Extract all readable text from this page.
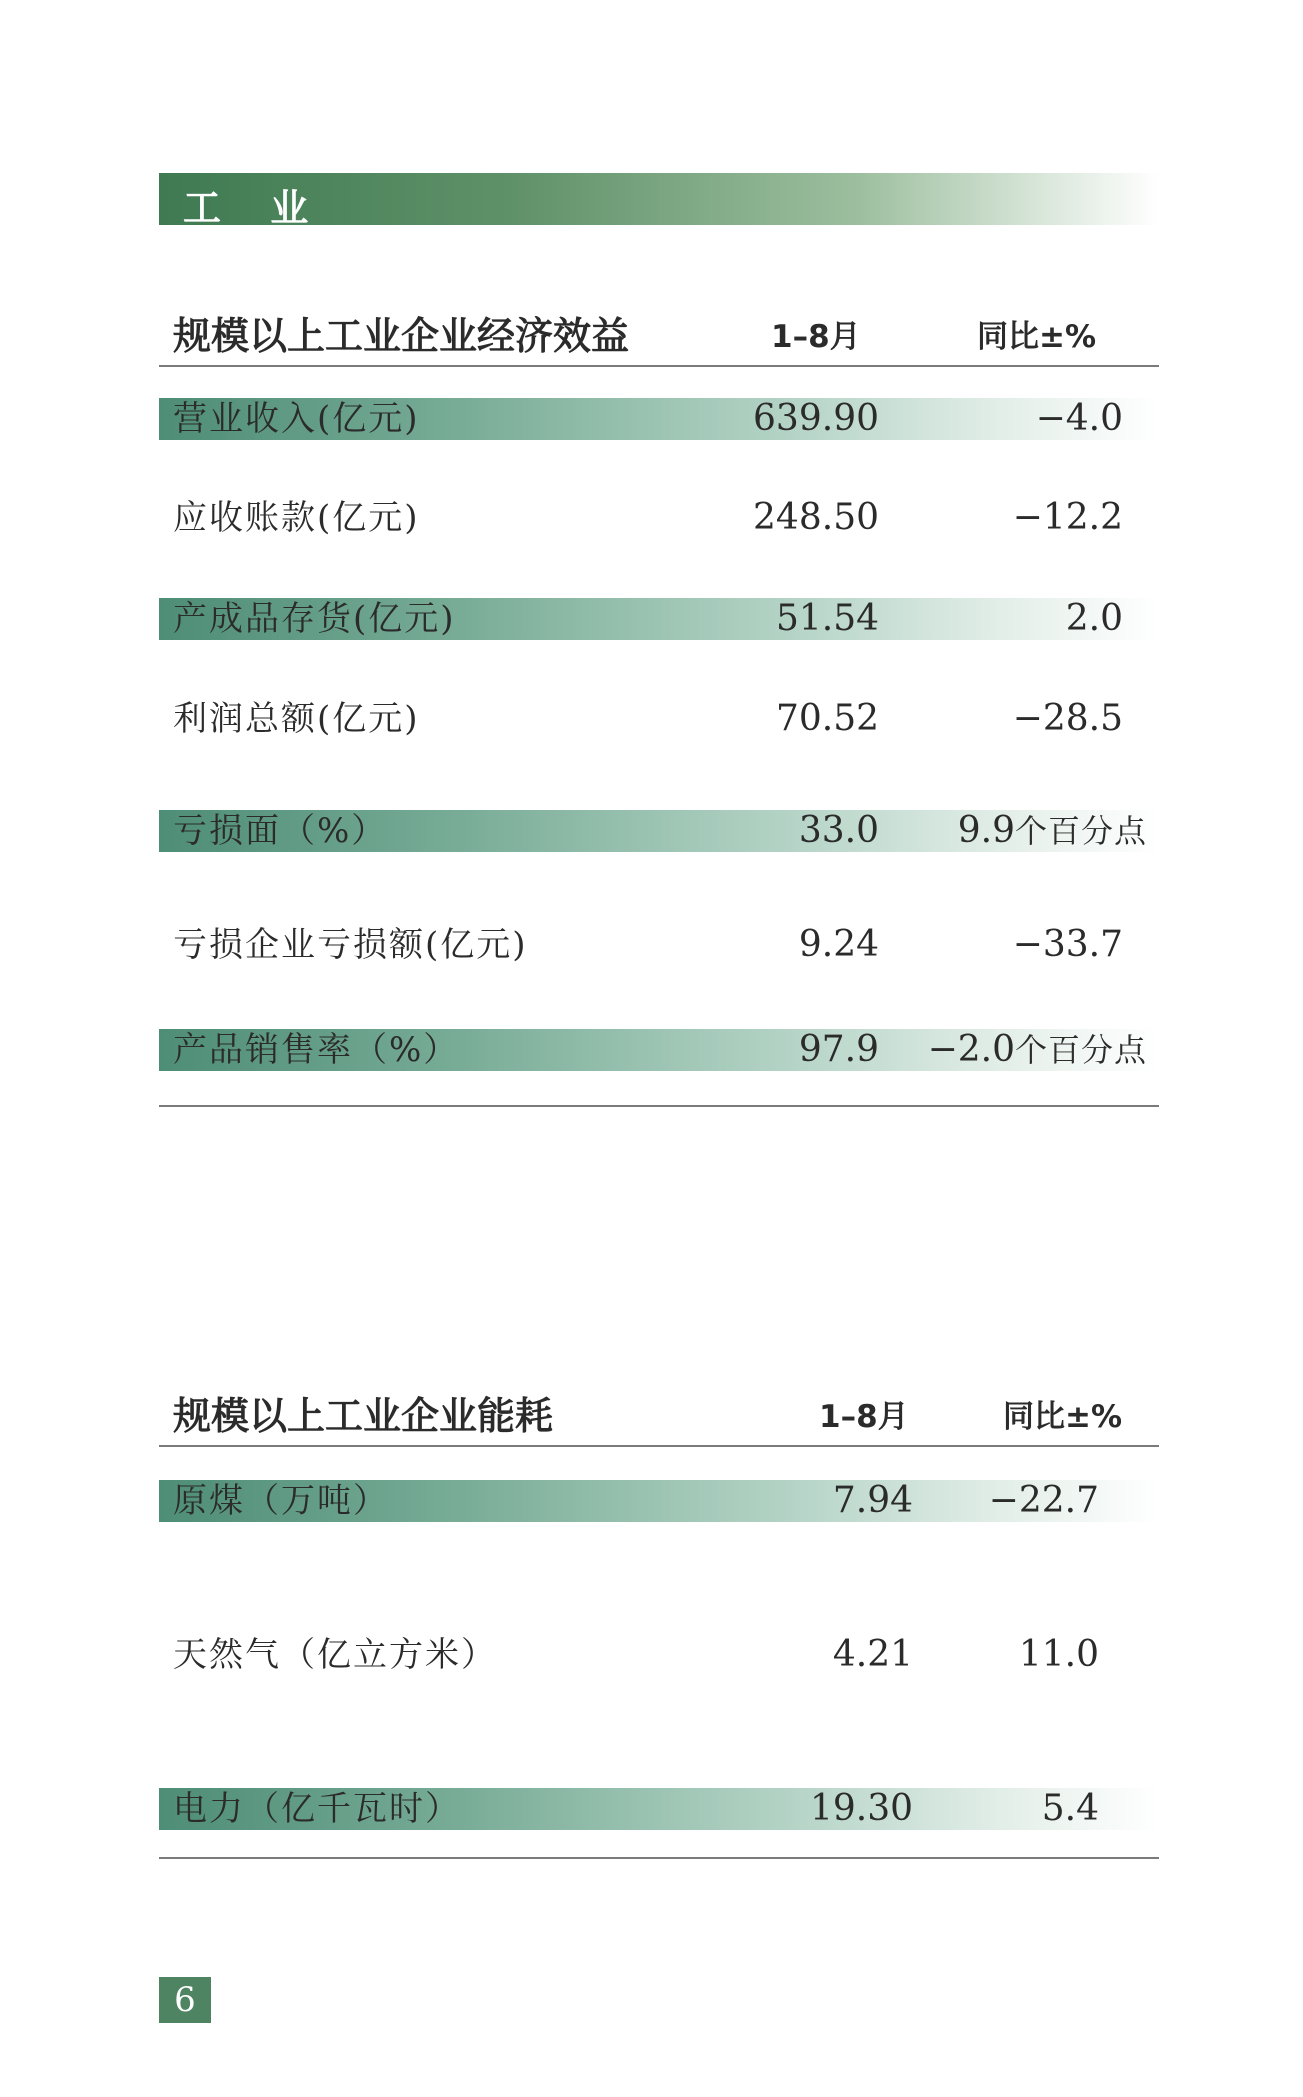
工 业
规模以上工业企业经济效益	1–8月	同比±%
营业收入(亿元)	639.90	−4.0
应收账款(亿元)	248.50	−12.2
产成品存货(亿元)	51.54	2.0
利润总额(亿元)	70.52	−28.5
亏损面（%）	33.0 9.9个百分点
亏损企业亏损额(亿元)	9.24	−33.7
产品销售率（%）	97.9 −2.0个百分点
规模以上工业企业能耗	1–8月	同比±%
原煤（万吨）	7.94 −22.7
天然气（亿立方米）	4.21	11.0
电力（亿千瓦时）	19.30	5.4
6
